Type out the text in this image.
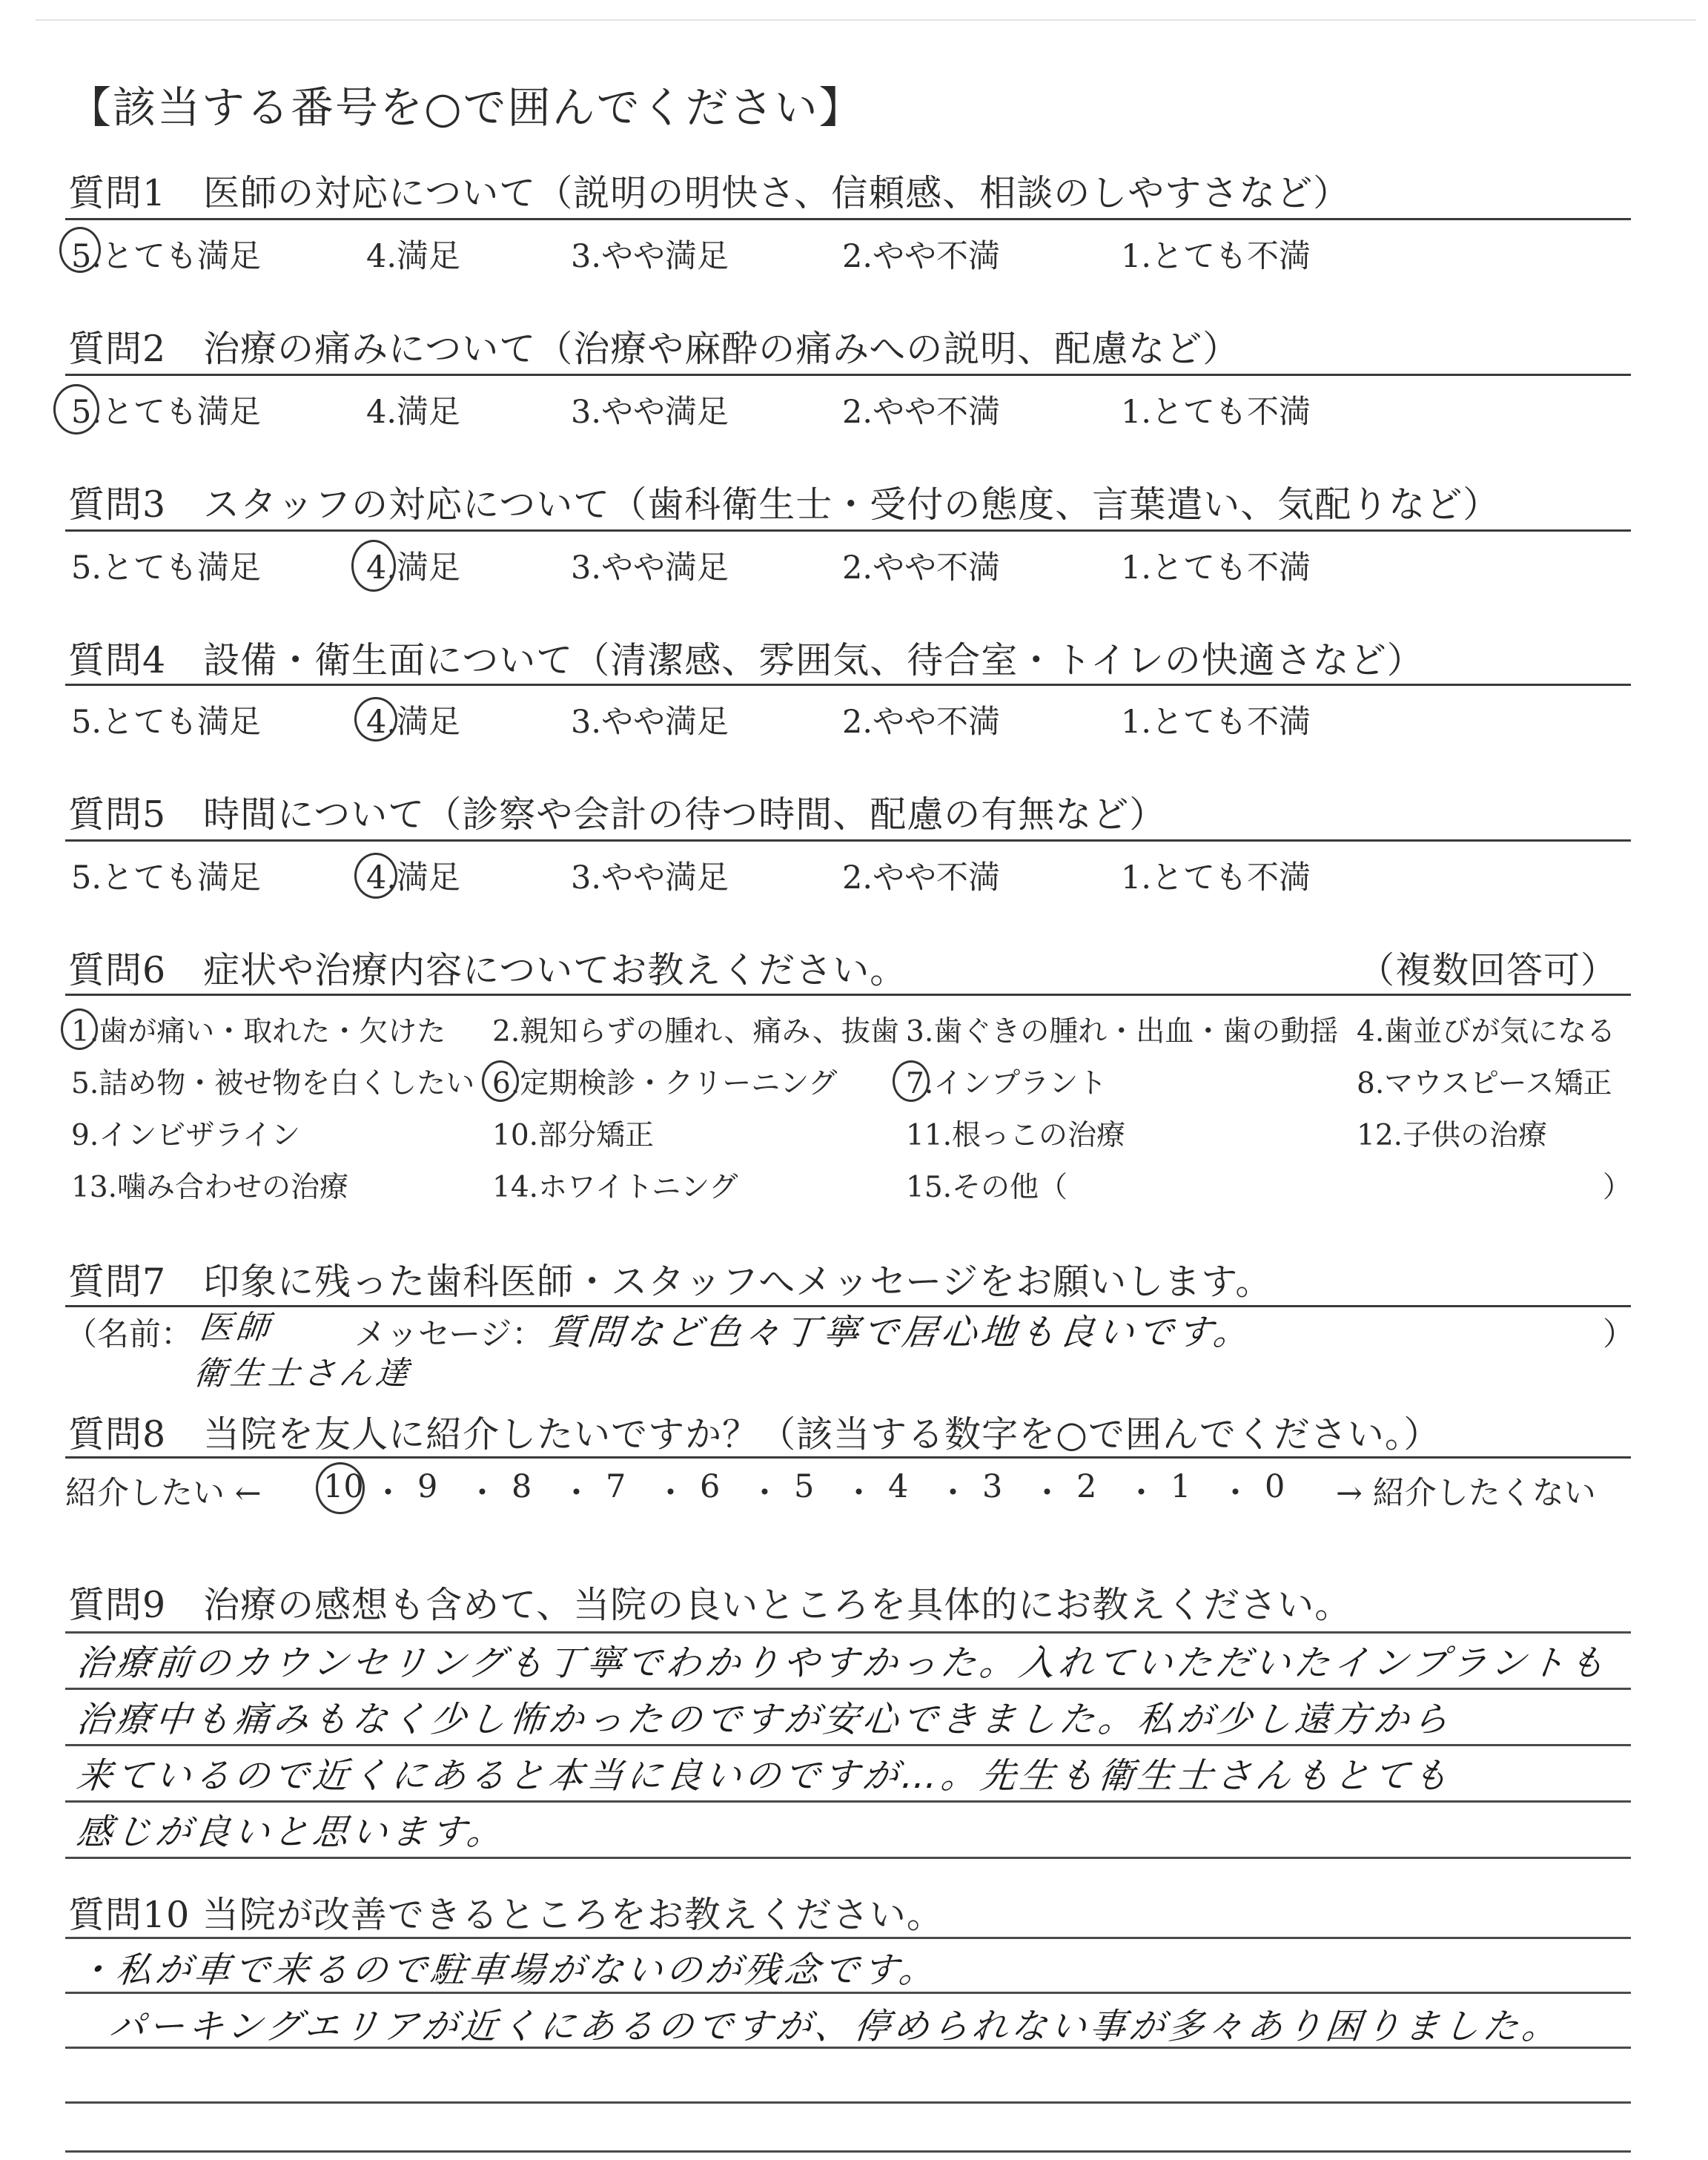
【該当する番号を○で囲んでください】
質問1　医師の対応について（説明の明快さ、信頼感、相談のしやすさなど）
5.とても満足	4.満足	3.やや満足	2.やや不満	1.とても不満
質問2　治療の痛みについて（治療や麻酔の痛みへの説明、配慮など）
5.とても満足	4.満足	3.やや満足	2.やや不満	1.とても不満
質問3　スタッフの対応について（歯科衛生士・受付の態度、言葉遣い、気配りなど）
5.とても満足	4.満足	3.やや満足	2.やや不満	1.とても不満
質問4　設備・衛生面について（清潔感、雰囲気、待合室・トイレの快適さなど）
5.とても満足	4.満足	3.やや満足	2.やや不満	1.とても不満
質問5　時間について（診察や会計の待つ時間、配慮の有無など）
5.とても満足	4.満足	3.やや満足	2.やや不満	1.とても不満
質問6　症状や治療内容についてお教えください。	（複数回答可）
1.歯が痛い・取れた・欠けた 2.親知らずの腫れ、痛み、抜歯 3.歯ぐきの腫れ・出血・歯の動揺 4.歯並びが気になる
5.詰め物・被せ物を白くしたい 6.定期検診・クリーニング 7.インプラント	8.マウスピース矯正
9.インビザライン	10.部分矯正	11.根っこの治療	12.子供の治療
13.噛み合わせの治療	14.ホワイトニング	15.その他（	）
質問7　印象に残った歯科医師・スタッフへメッセージをお願いします。
（名前： 医師
衛生士さん達
メッセージ： 質問など色々丁寧で居心地も良いです。	）
質問8　当院を友人に紹介したいですか？（該当する数字を○で囲んでください。）
紹介したい ←	→ 紹介したくない
10 ・ 9 ・ 8 ・ 7 ・ 6 ・ 5 ・ 4 ・ 3 ・ 2 ・ 1 ・ 0
質問9　治療の感想も含めて、当院の良いところを具体的にお教えください。
治療前のカウンセリングも丁寧でわかりやすかった。入れていただいたインプラントも
治療中も痛みもなく少し怖かったのですが安心できました。私が少し遠方から
来ているので近くにあると本当に良いのですが…。先生も衛生士さんもとても
感じが良いと思います。
質問10 当院が改善できるところをお教えください。
・私が車で来るので駐車場がないのが残念です。
パーキングエリアが近くにあるのですが、停められない事が多々あり困りました。
